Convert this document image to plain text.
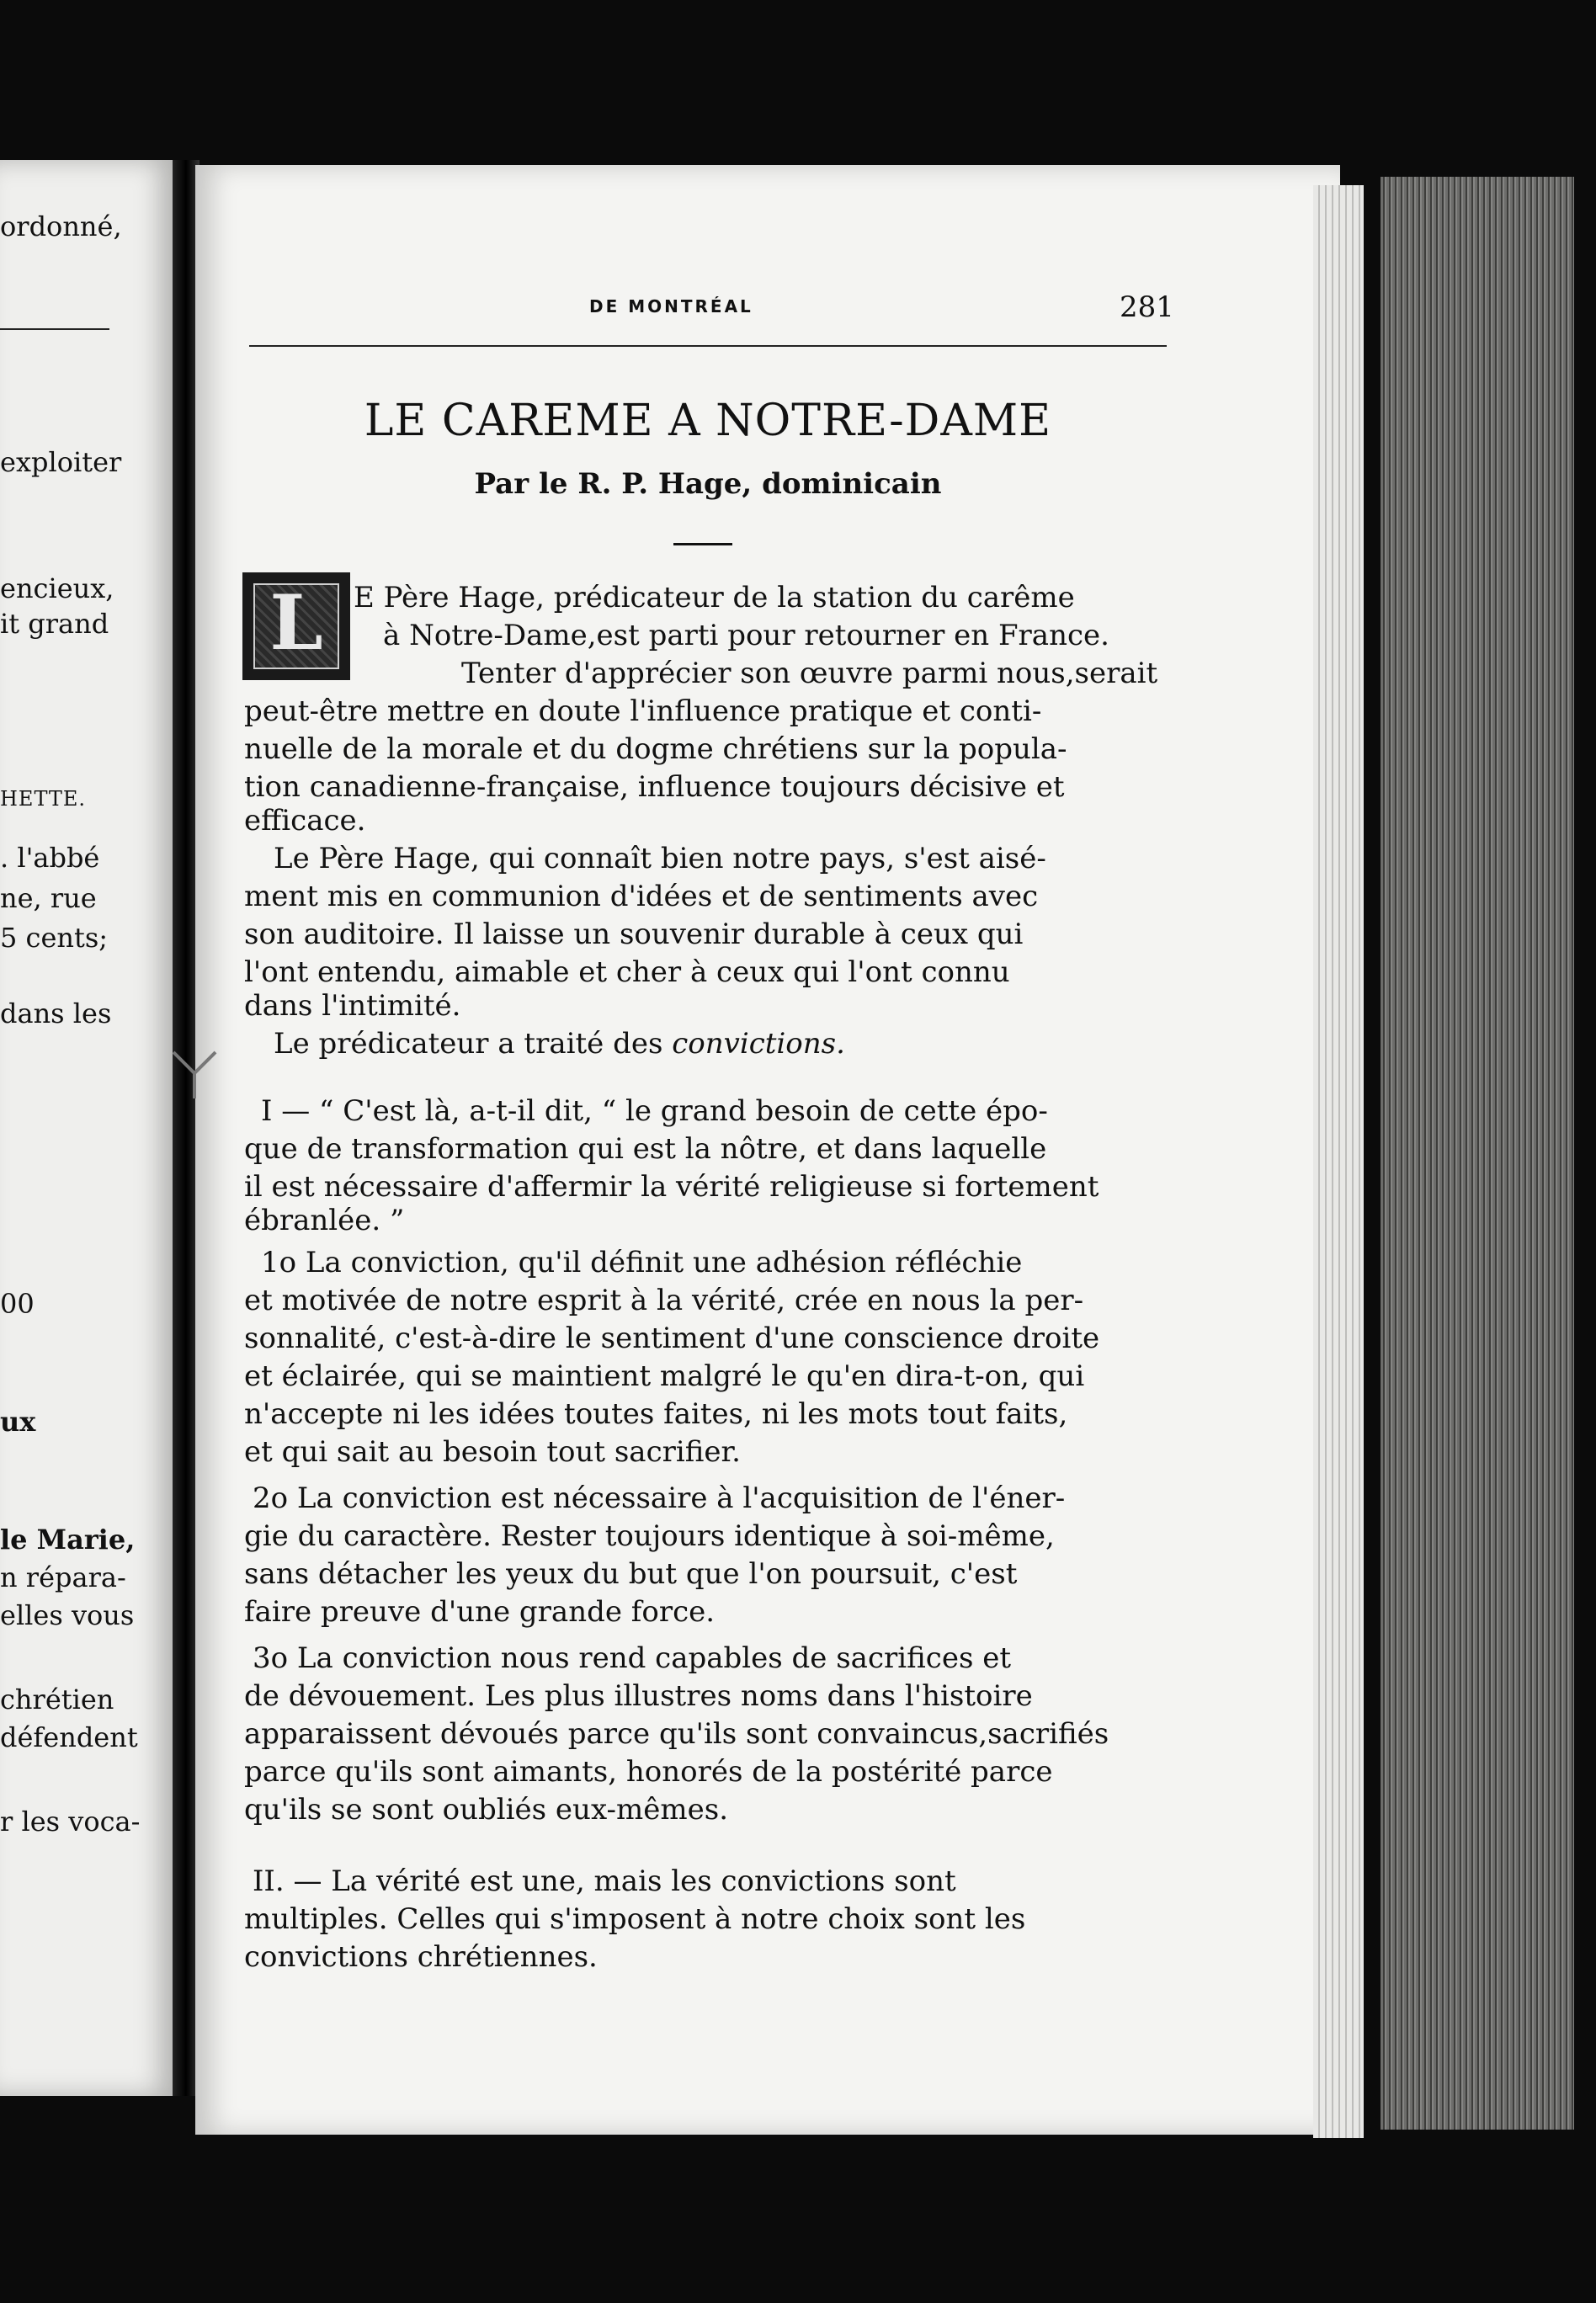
ordonné,
exploiter
encieux,
it grand
HETTE.
. l'abbé
ne, rue
5 cents;
dans les
00
ux
le Marie,
n répara-
elles vous
chrétien
défendent
r les voca-
DE MONTRÉAL	281
LE CAREME A NOTRE-DAME
Par le R. P. Hage, dominicain
L	E Père Hage, prédicateur de la station du carême
à Notre-Dame,est parti pour retourner en France.
Tenter d'apprécier son œuvre parmi nous,serait
peut-être mettre en doute l'influence pratique et conti-
nuelle de la morale et du dogme chrétiens sur la popula-
tion canadienne-française, influence toujours décisive et
efficace.
Le Père Hage, qui connaît bien notre pays, s'est aisé-
ment mis en communion d'idées et de sentiments avec
son auditoire. Il laisse un souvenir durable à ceux qui
l'ont entendu, aimable et cher à ceux qui l'ont connu
dans l'intimité.
Le prédicateur a traité des convictions.
I — “ C'est là, a-t-il dit, “ le grand besoin de cette épo-
que de transformation qui est la nôtre, et dans laquelle
il est nécessaire d'affermir la vérité religieuse si fortement
ébranlée. ”
1o La conviction, qu'il définit une adhésion réfléchie
et motivée de notre esprit à la vérité, crée en nous la per-
sonnalité, c'est-à-dire le sentiment d'une conscience droite
et éclairée, qui se maintient malgré le qu'en dira-t-on, qui
n'accepte ni les idées toutes faites, ni les mots tout faits,
et qui sait au besoin tout sacrifier.
2o La conviction est nécessaire à l'acquisition de l'éner-
gie du caractère. Rester toujours identique à soi-même,
sans détacher les yeux du but que l'on poursuit, c'est
faire preuve d'une grande force.
3o La conviction nous rend capables de sacrifices et
de dévouement. Les plus illustres noms dans l'histoire
apparaissent dévoués parce qu'ils sont convaincus,sacrifiés
parce qu'ils sont aimants, honorés de la postérité parce
qu'ils se sont oubliés eux-mêmes.
II. — La vérité est une, mais les convictions sont
multiples. Celles qui s'imposent à notre choix sont les
convictions chrétiennes.
